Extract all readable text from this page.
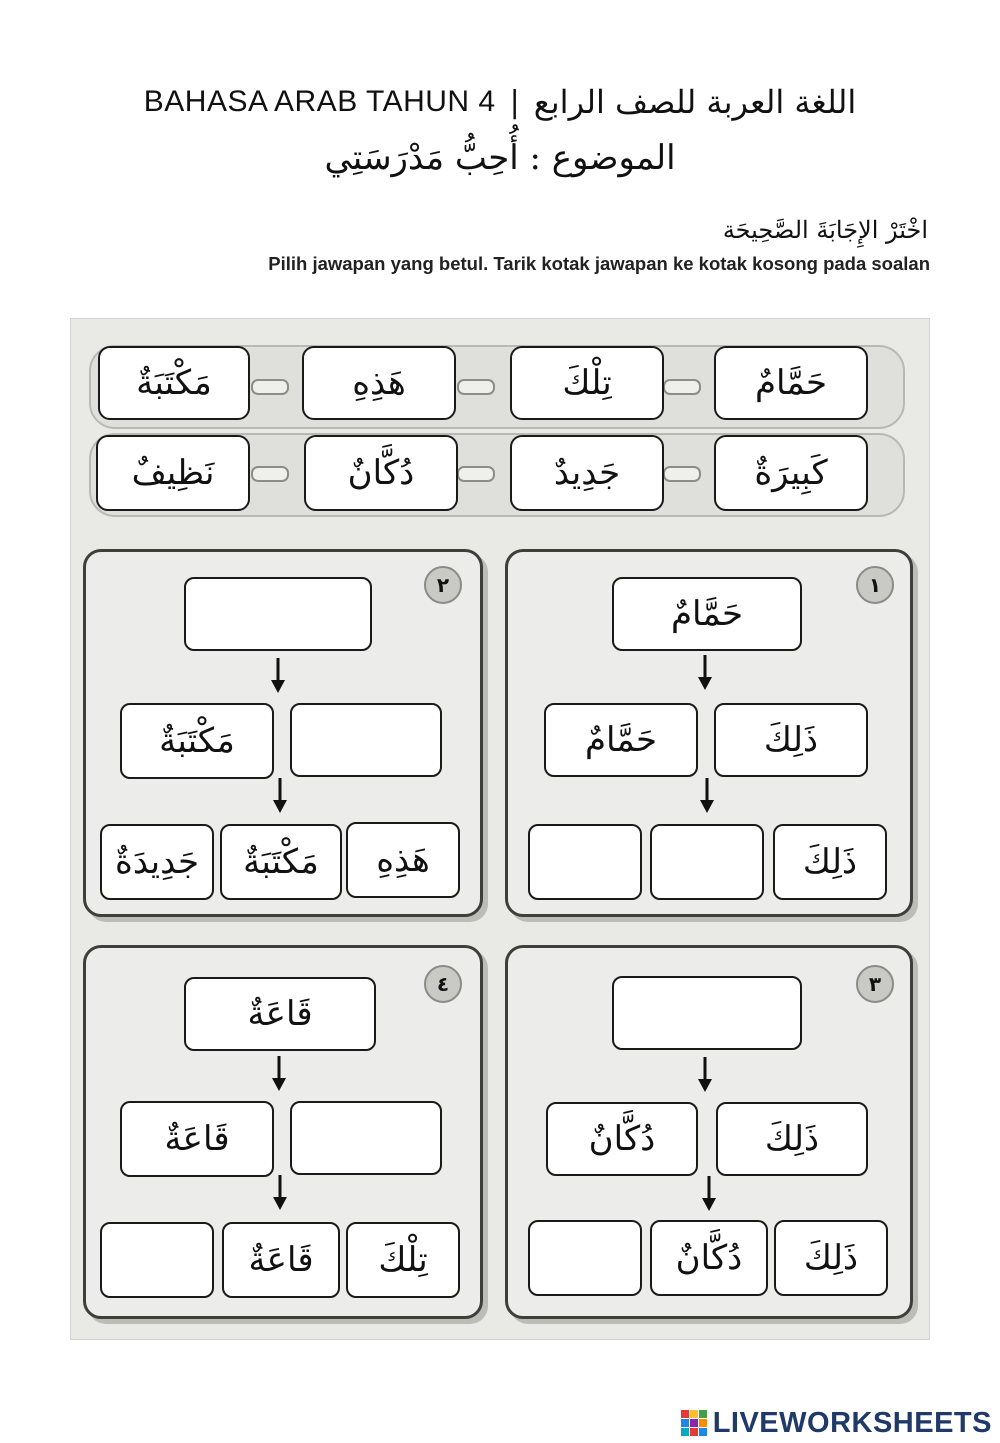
BAHASA ARAB TAHUN 4 | اللغة العربة للصف الرابع
الموضوع : أُحِبُّ مَدْرَسَتِي
اخْتَرْ الإِجَابَةَ الصَّحِيحَة
Pilih jawapan yang betul. Tarik kotak jawapan ke kotak kosong pada soalan
حَمَّامٌ
تِلْكَ
هَذِهِ
مَكْتَبَةٌ
كَبِيرَةٌ
جَدِيدٌ
دُكَّانٌ
نَظِيفٌ
١
حَمَّامٌ
ذَلِكَ
حَمَّامٌ
ذَلِكَ
٢
مَكْتَبَةٌ
هَذِهِ
مَكْتَبَةٌ
جَدِيدَةٌ
٣
ذَلِكَ
دُكَّانٌ
ذَلِكَ
دُكَّانٌ
٤
قَاعَةٌ
قَاعَةٌ
تِلْكَ
قَاعَةٌ
LIVEWORKSHEETS
